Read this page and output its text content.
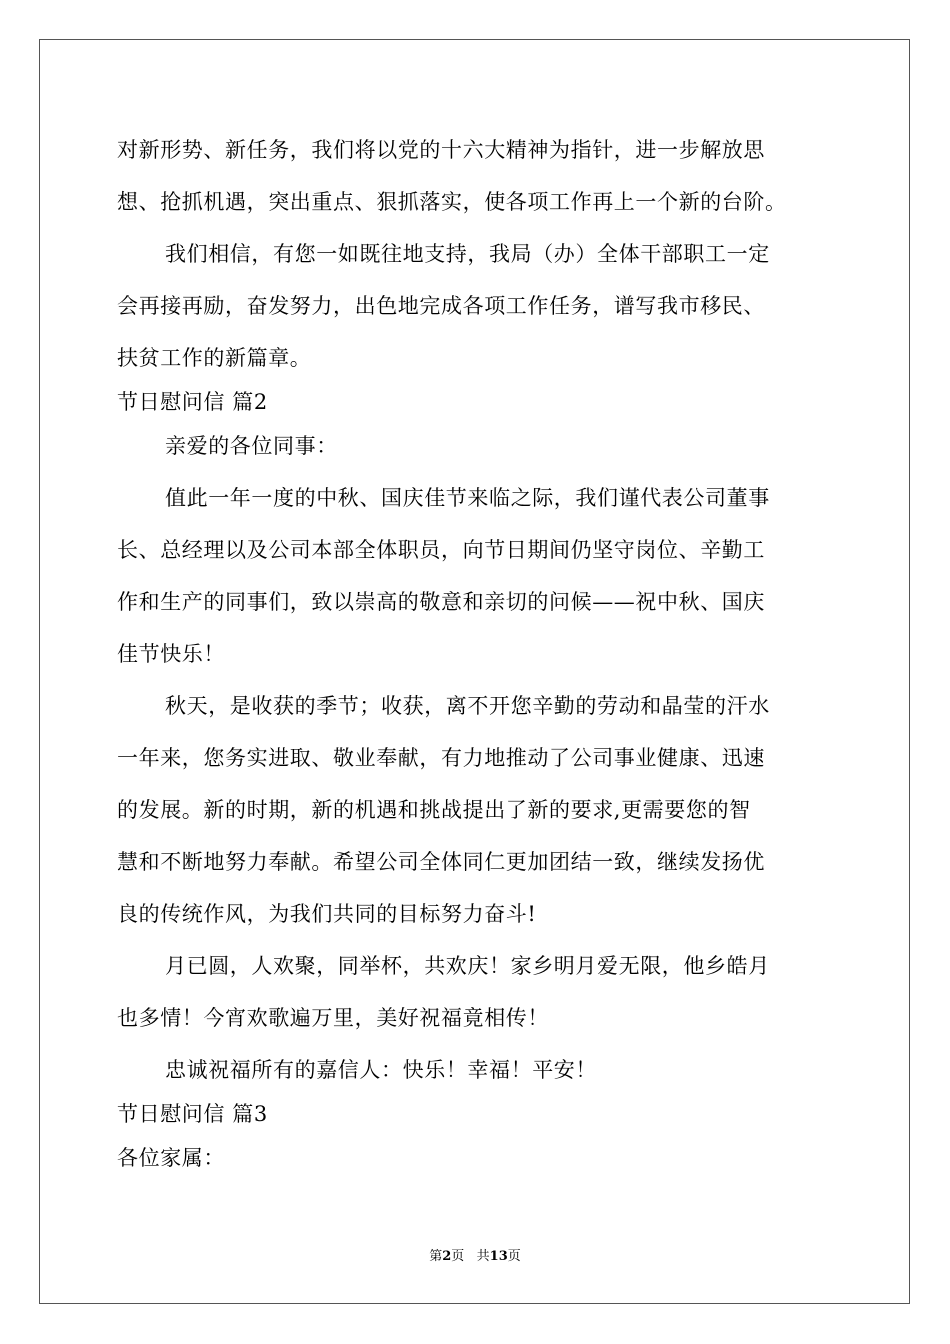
对新形势、新任务，我们将以党的十六大精神为指针，进一步解放思
想、抢抓机遇，突出重点、狠抓落实，使各项工作再上一个新的台阶。
我们相信，有您一如既往地支持，我局（办）全体干部职工一定
会再接再励，奋发努力，出色地完成各项工作任务，谱写我市移民、
扶贫工作的新篇章。
节日慰问信 篇2
亲爱的各位同事：
值此一年一度的中秋、国庆佳节来临之际，我们谨代表公司董事
长、总经理以及公司本部全体职员，向节日期间仍坚守岗位、辛勤工
作和生产的同事们，致以崇高的敬意和亲切的问候——祝中秋、国庆
佳节快乐！
秋天，是收获的季节；收获，离不开您辛勤的劳动和晶莹的汗水
一年来，您务实进取、敬业奉献，有力地推动了公司事业健康、迅速
的发展。新的时期，新的机遇和挑战提出了新的要求,更需要您的智
慧和不断地努力奉献。希望公司全体同仁更加团结一致，继续发扬优
良的传统作风，为我们共同的目标努力奋斗!
月已圆，人欢聚，同举杯，共欢庆！家乡明月爱无限，他乡皓月
也多情！今宵欢歌遍万里，美好祝福竟相传！
忠诚祝福所有的嘉信人：快乐！幸福！平安！
节日慰问信 篇3
各位家属：
第2页   共13页
